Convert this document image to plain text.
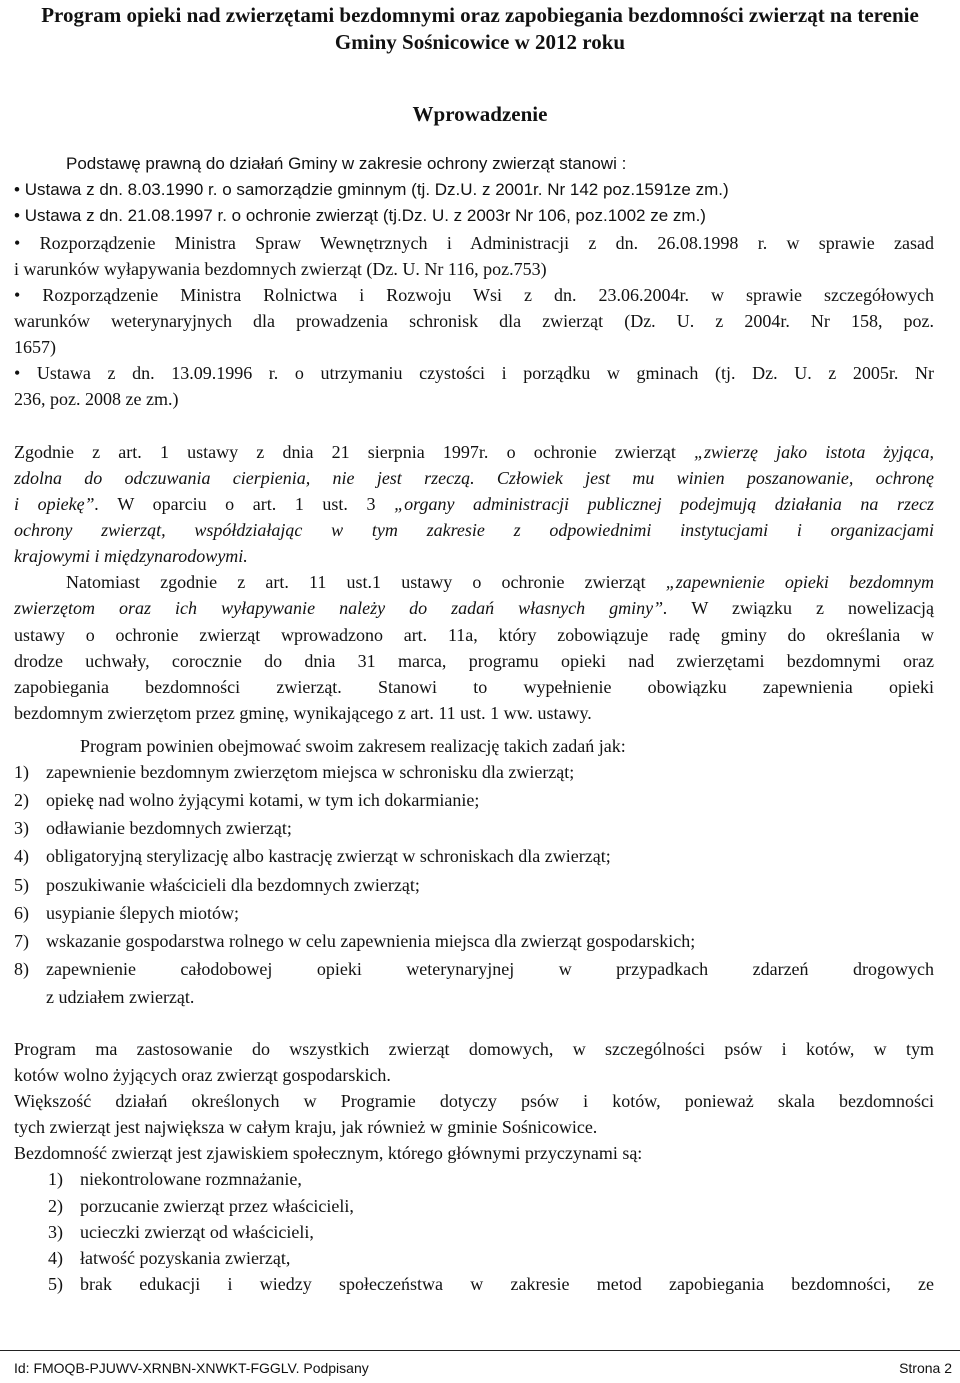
Program opieki nad zwierzętami bezdomnymi oraz zapobiegania bezdomności zwierząt na terenie Gminy Sośnicowice w 2012 roku
Wprowadzenie
Podstawę prawną do działań Gminy w zakresie ochrony zwierząt stanowi :
• Ustawa z dn. 8.03.1990 r. o samorządzie gminnym (tj. Dz.U. z 2001r. Nr 142 poz.1591ze zm.)
• Ustawa z dn. 21.08.1997 r. o ochronie zwierząt (tj.Dz. U. z 2003r Nr 106, poz.1002 ze zm.)
• Rozporządzenie Ministra Spraw Wewnętrznych i Administracji z dn. 26.08.1998 r. w sprawie zasad
i warunków wyłapywania bezdomnych zwierząt (Dz. U. Nr 116, poz.753)
• Rozporządzenie Ministra Rolnictwa i Rozwoju Wsi z dn. 23.06.2004r. w sprawie szczegółowych
warunków weterynaryjnych dla prowadzenia schronisk dla zwierząt (Dz. U. z 2004r. Nr 158, poz.
1657)
• Ustawa z dn. 13.09.1996 r. o utrzymaniu czystości i porządku w gminach (tj. Dz. U. z 2005r. Nr
236, poz. 2008 ze zm.)
Zgodnie z art. 1 ustawy z dnia 21 sierpnia 1997r. o ochronie zwierząt „zwierzę jako istota żyjąca,
zdolna do odczuwania cierpienia, nie jest rzeczą. Człowiek jest mu winien poszanowanie, ochronę
i opiekę”. W oparciu o art. 1 ust. 3 „organy administracji publicznej podejmują działania na rzecz
ochrony zwierząt, współdziałając w tym zakresie z odpowiednimi instytucjami i organizacjami
krajowymi i międzynarodowymi.
Natomiast zgodnie z art. 11 ust.1 ustawy o ochronie zwierząt „zapewnienie opieki bezdomnym
zwierzętom oraz ich wyłapywanie należy do zadań własnych gminy”. W związku z nowelizacją
ustawy o ochronie zwierząt wprowadzono art. 11a, który zobowiązuje radę gminy do określania w
drodze uchwały, corocznie do dnia 31 marca, programu opieki nad zwierzętami bezdomnymi oraz
zapobiegania bezdomności zwierząt. Stanowi to wypełnienie obowiązku zapewnienia opieki
bezdomnym zwierzętom przez gminę, wynikającego z art. 11 ust. 1 ww. ustawy.
Program powinien obejmować swoim zakresem realizację takich zadań jak:
1) zapewnienie bezdomnym zwierzętom miejsca w schronisku dla zwierząt;
2) opiekę nad wolno żyjącymi kotami, w tym ich dokarmianie;
3) odławianie bezdomnych zwierząt;
4) obligatoryjną sterylizację albo kastrację zwierząt w schroniskach dla zwierząt;
5) poszukiwanie właścicieli dla bezdomnych zwierząt;
6) usypianie ślepych miotów;
7) wskazanie gospodarstwa rolnego w celu zapewnienia miejsca dla zwierząt gospodarskich;
8) zapewnienie całodobowej opieki weterynaryjnej w przypadkach zdarzeń drogowych
z udziałem zwierząt.
Program ma zastosowanie do wszystkich zwierząt domowych, w szczególności psów i kotów, w tym
kotów wolno żyjących oraz zwierząt gospodarskich.
Większość działań określonych w Programie dotyczy psów i kotów, ponieważ skala bezdomności
tych zwierząt jest największa w całym kraju, jak również w gminie Sośnicowice.
Bezdomność zwierząt jest zjawiskiem społecznym, którego głównymi przyczynami są:
1) niekontrolowane rozmnażanie,
2) porzucanie zwierząt przez właścicieli,
3) ucieczki zwierząt od właścicieli,
4) łatwość pozyskania zwierząt,
5) brak edukacji i wiedzy społeczeństwa w zakresie metod zapobiegania bezdomności, ze
Id: FMOQB-PJUWV-XRNBN-XNWKT-FGGLV. Podpisany	Strona 2
